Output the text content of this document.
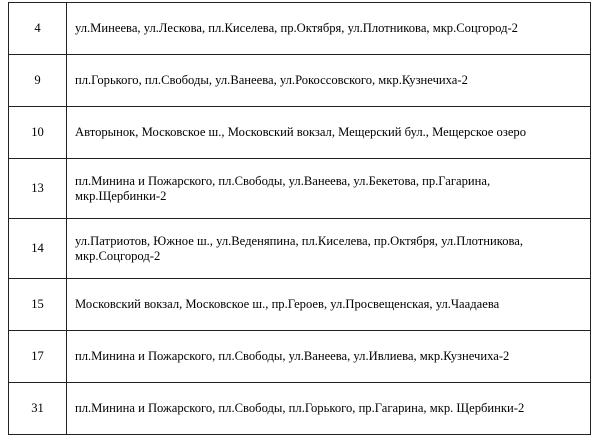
4	ул.Минеева, ул.Лескова, пл.Киселева, пр.Октября, ул.Плотникова, мкр.Соцгород-2
9	пл.Горького, пл.Свободы, ул.Ванеева, ул.Рокоссовского, мкр.Кузнечиха-2
10	Авторынок, Московское ш., Московский вокзал, Мещерский бул., Мещерское озеро
13	пл.Минина и Пожарского, пл.Свободы, ул.Ванеева, ул.Бекетова, пр.Гагарина, мкр.Щербинки-2
14	ул.Патриотов, Южное ш., ул.Веденяпина, пл.Киселева, пр.Октября, ул.Плотникова, мкр.Соцгород-2
15	Московский вокзал, Московское ш., пр.Героев, ул.Просвещенская, ул.Чаадаева
17	пл.Минина и Пожарского, пл.Свободы, ул.Ванеева, ул.Ивлиева, мкр.Кузнечиха-2
31	пл.Минина и Пожарского, пл.Свободы, пл.Горького, пр.Гагарина, мкр. Щербинки-2
